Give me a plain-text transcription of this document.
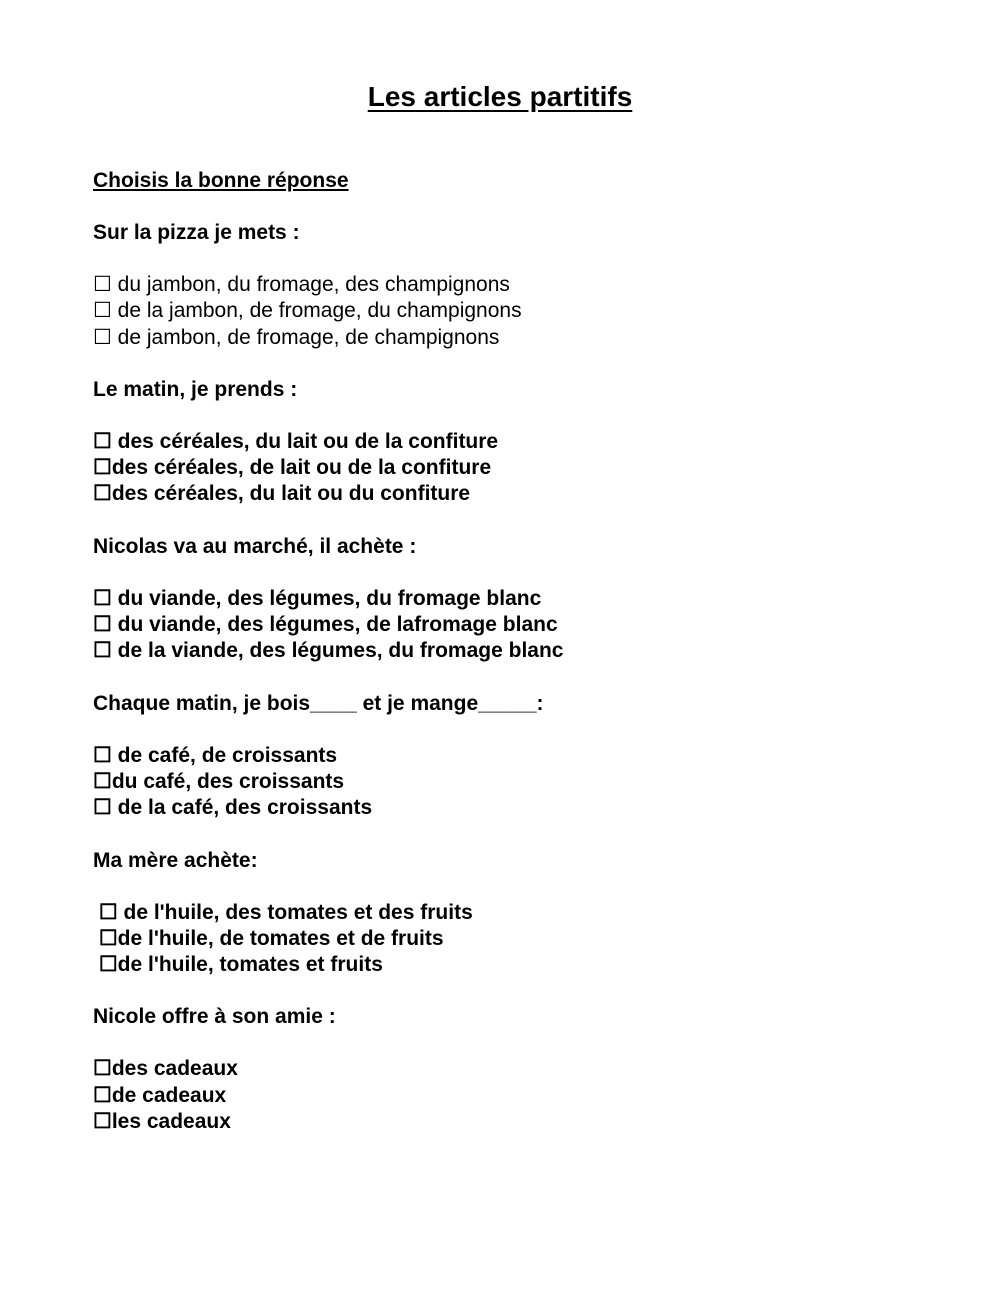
Les articles partitifs
Choisis la bonne réponse

Sur la pizza je mets :

☐ du jambon, du fromage, des champignons
☐ de la jambon, de fromage, du champignons
☐ de jambon, de fromage, de champignons

Le matin, je prends :

☐ des céréales, du lait ou de la confiture
☐des céréales, de lait ou de la confiture
☐des céréales, du lait ou du confiture

Nicolas va au marché, il achète :

☐ du viande, des légumes, du fromage blanc
☐ du viande, des légumes, de lafromage blanc
☐ de la viande, des légumes, du fromage blanc

Chaque matin, je bois____ et je mange_____:

☐ de café, de croissants
☐du café, des croissants
☐ de la café, des croissants

Ma mère achète:

☐ de l'huile, des tomates et des fruits
☐de l'huile, de tomates et de fruits
☐de l'huile, tomates et fruits

Nicole offre à son amie :

☐des cadeaux
☐de cadeaux
☐les cadeaux
